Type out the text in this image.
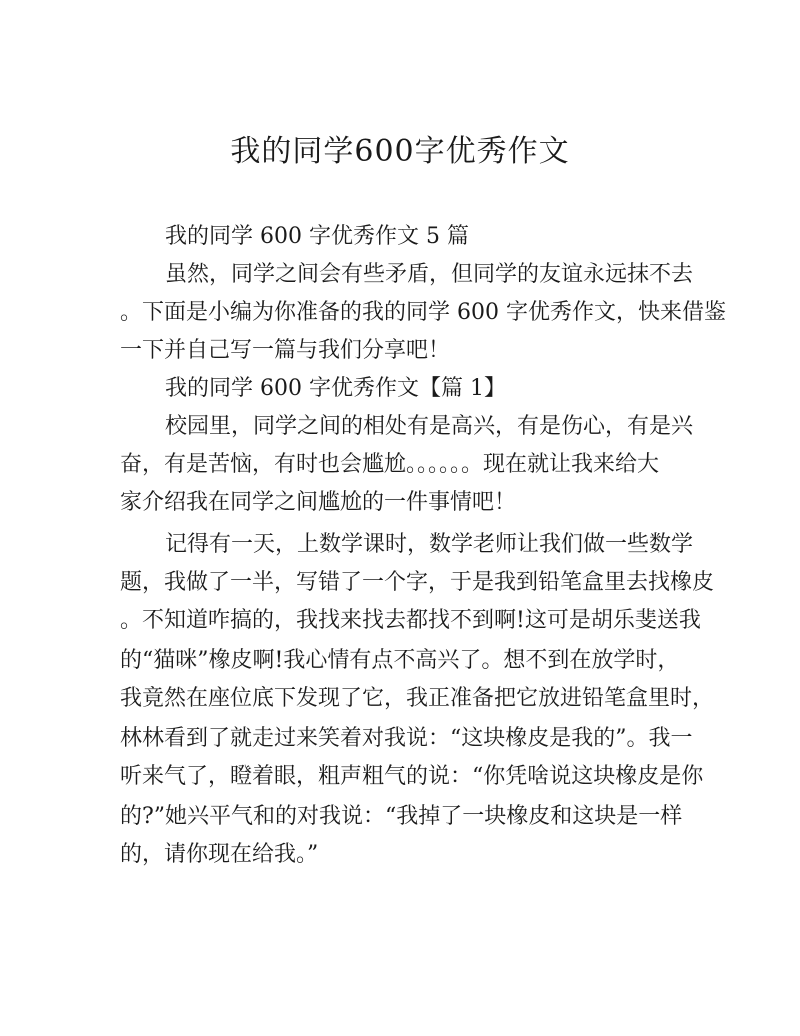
我的同学600字优秀作文
我的同学 600 字优秀作文 5 篇
虽然，同学之间会有些矛盾，但同学的友谊永远抹不去
。下面是小编为你准备的我的同学 600 字优秀作文，快来借鉴
一下并自己写一篇与我们分享吧！
我的同学 600 字优秀作文【篇 1】
校园里，同学之间的相处有是高兴，有是伤心，有是兴
奋，有是苦恼，有时也会尴尬。。。。。。现在就让我来给大
家介绍我在同学之间尴尬的一件事情吧！
记得有一天，上数学课时，数学老师让我们做一些数学
题，我做了一半，写错了一个字，于是我到铅笔盒里去找橡皮
。不知道咋搞的，我找来找去都找不到啊!这可是胡乐斐送我
的“猫咪”橡皮啊!我心情有点不高兴了。想不到在放学时，
我竟然在座位底下发现了它，我正准备把它放进铅笔盒里时，
林林看到了就走过来笑着对我说：“这块橡皮是我的”。我一
听来气了，瞪着眼，粗声粗气的说：“你凭啥说这块橡皮是你
的?”她兴平气和的对我说：“我掉了一块橡皮和这块是一样
的，请你现在给我。”
